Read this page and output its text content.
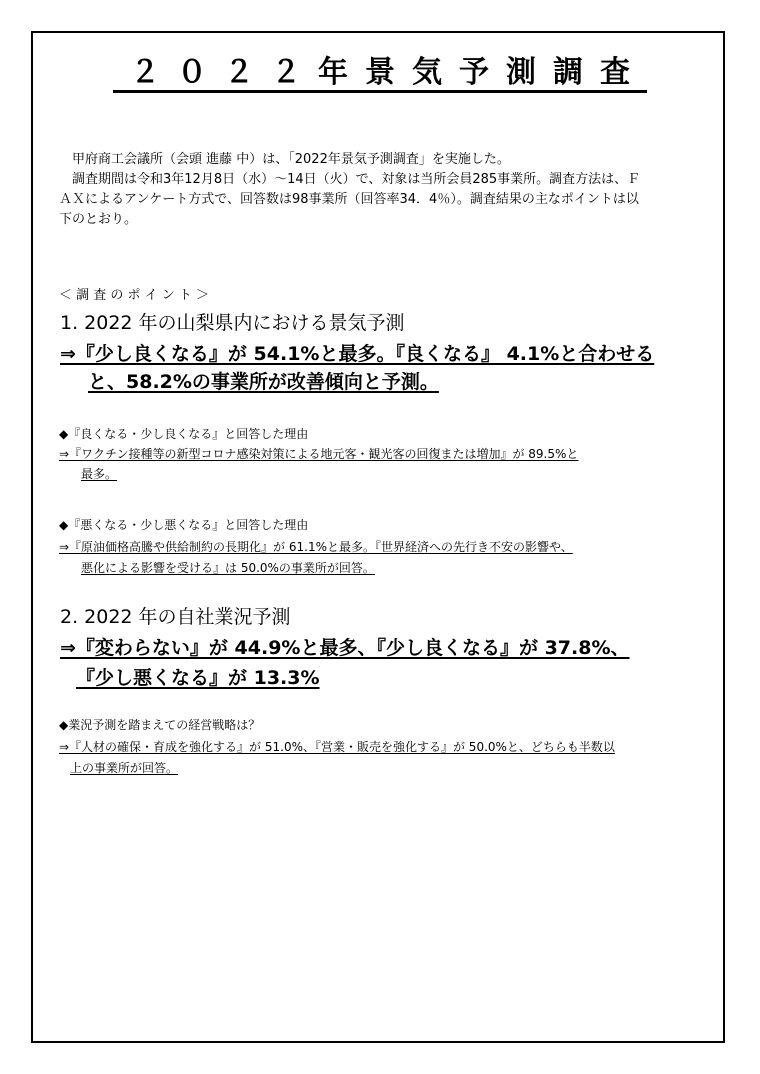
２０２２年景気予測調査
甲府商工会議所（会頭 進藤 中）は、「2022年景気予測調査」を実施した。
調査期間は令和3年12月8日（水）～14日（火）で、対象は当所会員285事業所。調査方法は、Ｆ
ＡＸによるアンケート方式で、回答数は98事業所（回答率34．4％）。調査結果の主なポイントは以
下のとおり。
＜ 調 査 の ポ イ ン ト ＞
1. 2022 年の山梨県内における景気予測
⇒『少し良くなる』が 54.1%と最多。『良くなる』 4.1%と合わせる
と、58.2%の事業所が改善傾向と予測。
◆『良くなる・少し良くなる』と回答した理由
⇒『ワクチン接種等の新型コロナ感染対策による地元客・観光客の回復または増加』が 89.5%と
最多。
◆『悪くなる・少し悪くなる』と回答した理由
⇒『原油価格高騰や供給制約の長期化』が 61.1%と最多。『世界経済への先行き不安の影響や、
悪化による影響を受ける』は 50.0%の事業所が回答。
2. 2022 年の自社業況予測
⇒『変わらない』が 44.9%と最多、『少し良くなる』が 37.8%、
『少し悪くなる』が 13.3%
◆業況予測を踏まえての経営戦略は？
⇒『人材の確保・育成を強化する』が 51.0%、『営業・販売を強化する』が 50.0%と、どちらも半数以
上の事業所が回答。
